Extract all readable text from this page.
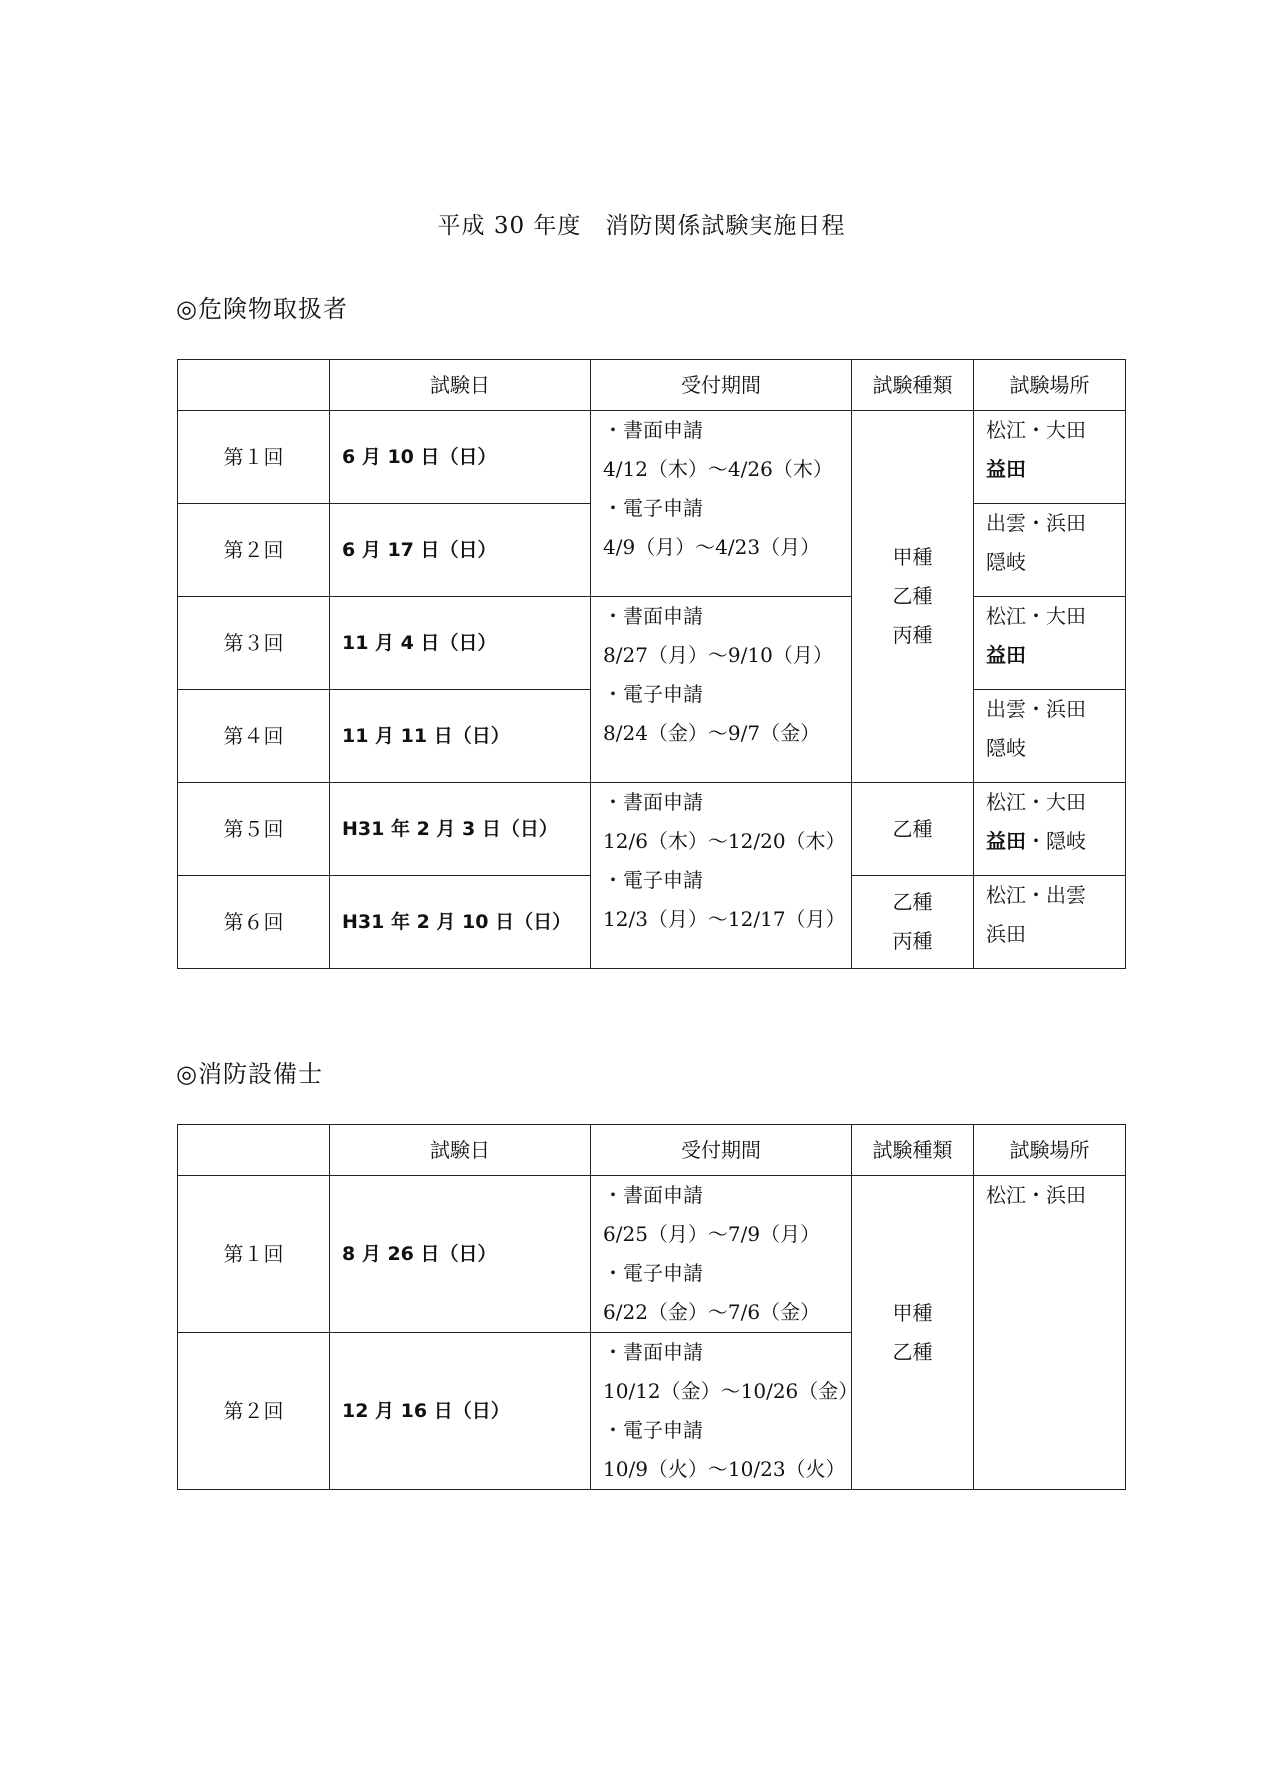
平成 30 年度　消防関係試験実施日程
◎危険物取扱者
	試験日	受付期間	試験種類	試験場所
第１回	6 月 10 日（日）	・書面申請
4/12（木）～4/26（木）
・電子申請
4/9（月）～4/23（月）	甲種
乙種
丙種	松江・大田
益田

第２回	6 月 17 日（日）			出雲・浜田
隠岐

第３回	11 月 4 日（日）	・書面申請
8/27（月）～9/10（月）
・電子申請
8/24（金）～9/7（金）		松江・大田
益田

第４回	11 月 11 日（日）			出雲・浜田
隠岐

第５回	H31 年 2 月 3 日（日）	・書面申請
12/6（木）～12/20（木）
・電子申請
12/3（月）～12/17（月）	乙種	松江・大田
益田・隠岐

第６回	H31 年 2 月 10 日（日）		乙種
丙種	松江・出雲
浜田
◎消防設備士
	試験日	受付期間	試験種類	試験場所
第１回	8 月 26 日（日）	・書面申請
6/25（月）～7/9（月）
・電子申請
6/22（金）～7/6（金）	甲種
乙種	松江・浜田
第２回	12 月 16 日（日）	・書面申請
10/12（金）～10/26（金）
・電子申請
10/9（火）～10/23（火）		
